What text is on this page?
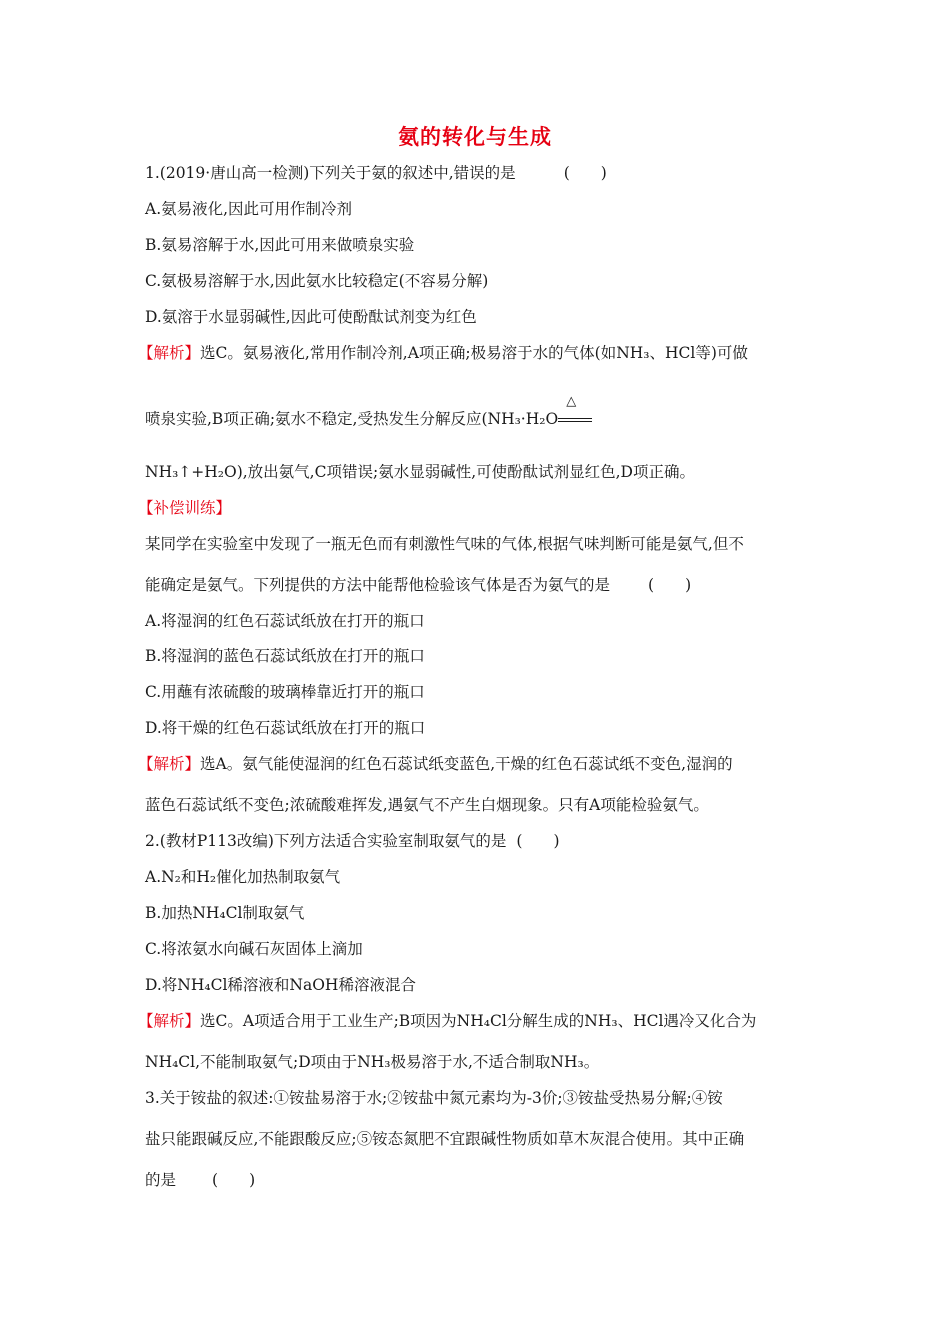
氨的转化与生成
1.(2019·唐山高一检测)下列关于氨的叙述中,错误的是	(　　)
A.氨易液化,因此可用作制冷剂
B.氨易溶解于水,因此可用来做喷泉实验
C.氨极易溶解于水,因此氨水比较稳定(不容易分解)
D.氨溶于水显弱碱性,因此可使酚酞试剂变为红色
【解析】选C。氨易液化,常用作制冷剂,A项正确;极易溶于水的气体(如NH₃、HCl等)可做
喷泉实验,B项正确;氨水不稳定,受热发生分解反应(NH₃·H₂O
△
NH₃↑+H₂O),放出氨气,C项错误;氨水显弱碱性,可使酚酞试剂显红色,D项正确。
【补偿训练】
某同学在实验室中发现了一瓶无色而有刺激性气味的气体,根据气味判断可能是氨气,但不
能确定是氨气。下列提供的方法中能帮他检验该气体是否为氨气的是 (　　)
A.将湿润的红色石蕊试纸放在打开的瓶口
B.将湿润的蓝色石蕊试纸放在打开的瓶口
C.用蘸有浓硫酸的玻璃棒靠近打开的瓶口
D.将干燥的红色石蕊试纸放在打开的瓶口
【解析】选A。氨气能使湿润的红色石蕊试纸变蓝色,干燥的红色石蕊试纸不变色,湿润的
蓝色石蕊试纸不变色;浓硫酸难挥发,遇氨气不产生白烟现象。只有A项能检验氨气。
2.(教材P113改编)下列方法适合实验室制取氨气的是 (　　)
A.N₂和H₂催化加热制取氨气
B.加热NH₄Cl制取氨气
C.将浓氨水向碱石灰固体上滴加
D.将NH₄Cl稀溶液和NaOH稀溶液混合
【解析】选C。A项适合用于工业生产;B项因为NH₄Cl分解生成的NH₃、HCl遇冷又化合为
NH₄Cl,不能制取氨气;D项由于NH₃极易溶于水,不适合制取NH₃。
3.关于铵盐的叙述:①铵盐易溶于水;②铵盐中氮元素均为-3价;③铵盐受热易分解;④铵
盐只能跟碱反应,不能跟酸反应;⑤铵态氮肥不宜跟碱性物质如草木灰混合使用。其中正确
的是 (　　)
